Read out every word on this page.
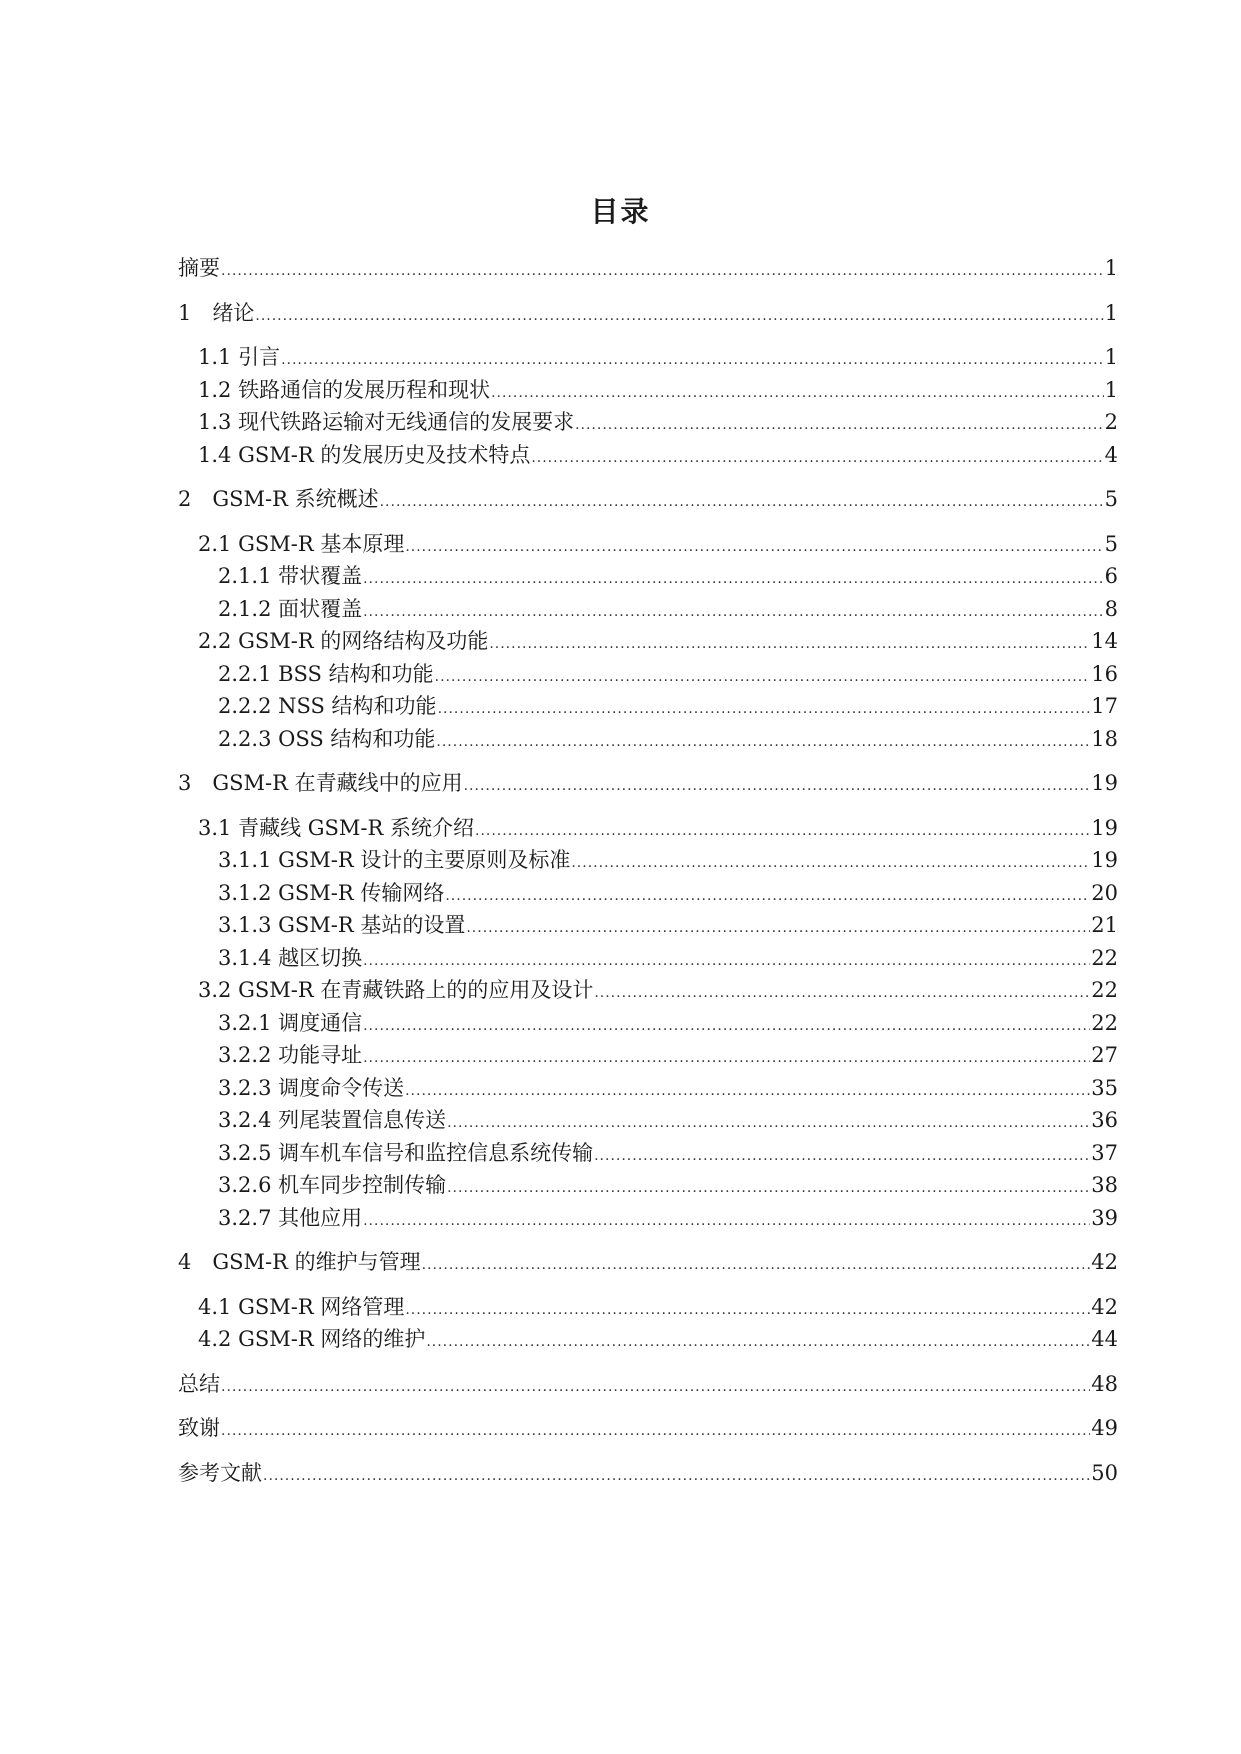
目录
摘要 .....	1
1　绪论 .....	1
1.1 引言 .....	1
1.2 铁路通信的发展历程和现状 .....	1
1.3 现代铁路运输对无线通信的发展要求 .....	2
1.4 GSM-R 的发展历史及技术特点 .....	4
2　GSM-R 系统概述 .....	5
2.1 GSM-R 基本原理 .....	5
2.1.1 带状覆盖 .....	6
2.1.2 面状覆盖 .....	8
2.2 GSM-R 的网络结构及功能 .....	14
2.2.1 BSS 结构和功能 .....	16
2.2.2 NSS 结构和功能 .....	17
2.2.3 OSS 结构和功能 .....	18
3　GSM-R 在青藏线中的应用 .....	19
3.1 青藏线 GSM-R 系统介绍 .....	19
3.1.1 GSM-R 设计的主要原则及标准 .....	19
3.1.2 GSM-R 传输网络 .....	20
3.1.3 GSM-R 基站的设置 .....	21
3.1.4 越区切换 .....	22
3.2 GSM-R 在青藏铁路上的的应用及设计 .....	22
3.2.1 调度通信 .....	22
3.2.2 功能寻址 .....	27
3.2.3 调度命令传送 .....	35
3.2.4 列尾装置信息传送 .....	36
3.2.5 调车机车信号和监控信息系统传输 .....	37
3.2.6 机车同步控制传输 .....	38
3.2.7 其他应用 .....	39
4　GSM-R 的维护与管理 .....	42
4.1 GSM-R 网络管理 .....	42
4.2 GSM-R 网络的维护 .....	44
总结 .....	48
致谢 .....	49
参考文献 .....	50
